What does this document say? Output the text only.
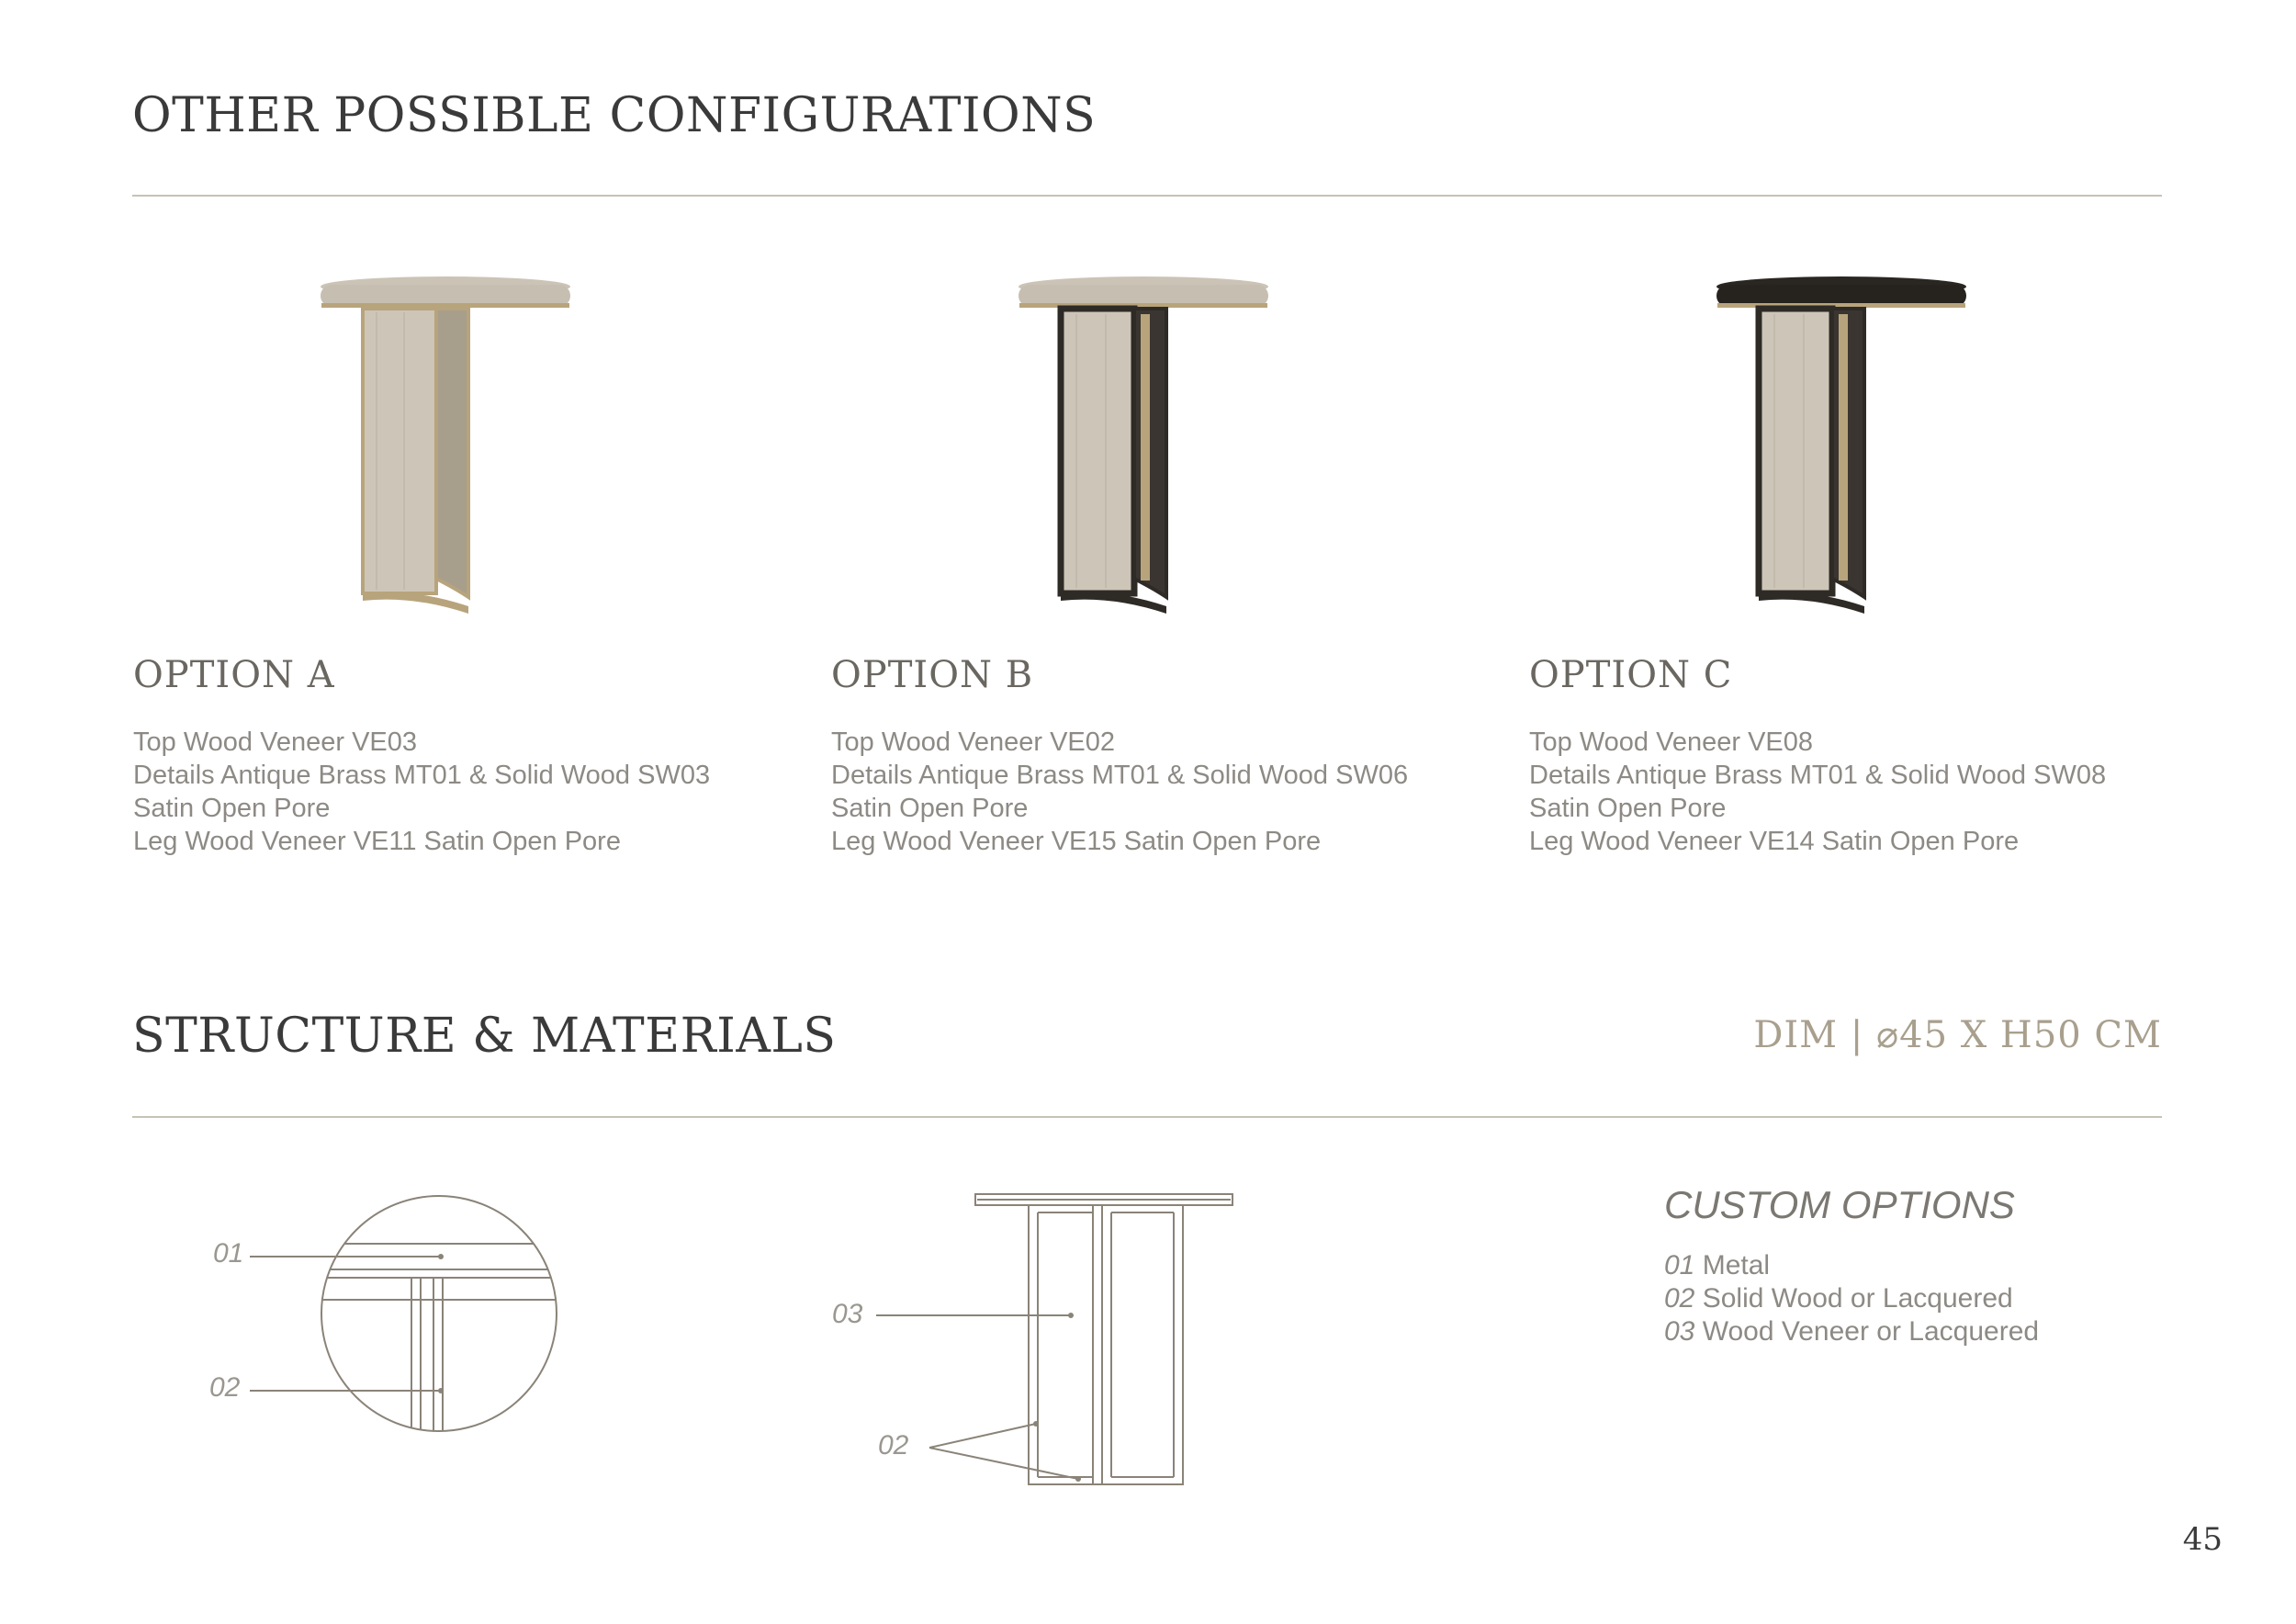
OTHER POSSIBLE CONFIGURATIONS
OPTION A
Top Wood Veneer VE03
Details Antique Brass MT01 & Solid Wood SW03
Satin Open Pore
Leg Wood Veneer VE11 Satin Open Pore
OPTION B
Top Wood Veneer VE02
Details Antique Brass MT01 & Solid Wood SW06
Satin Open Pore
Leg Wood Veneer VE15 Satin Open Pore
OPTION C
Top Wood Veneer VE08
Details Antique Brass MT01 & Solid Wood SW08
Satin Open Pore
Leg Wood Veneer VE14 Satin Open Pore
STRUCTURE & MATERIALS	DIM | ⌀45 X H50 CM
01
02
03
02
CUSTOM OPTIONS
01 Metal
02 Solid Wood or Lacquered
03 Wood Veneer or Lacquered
45
